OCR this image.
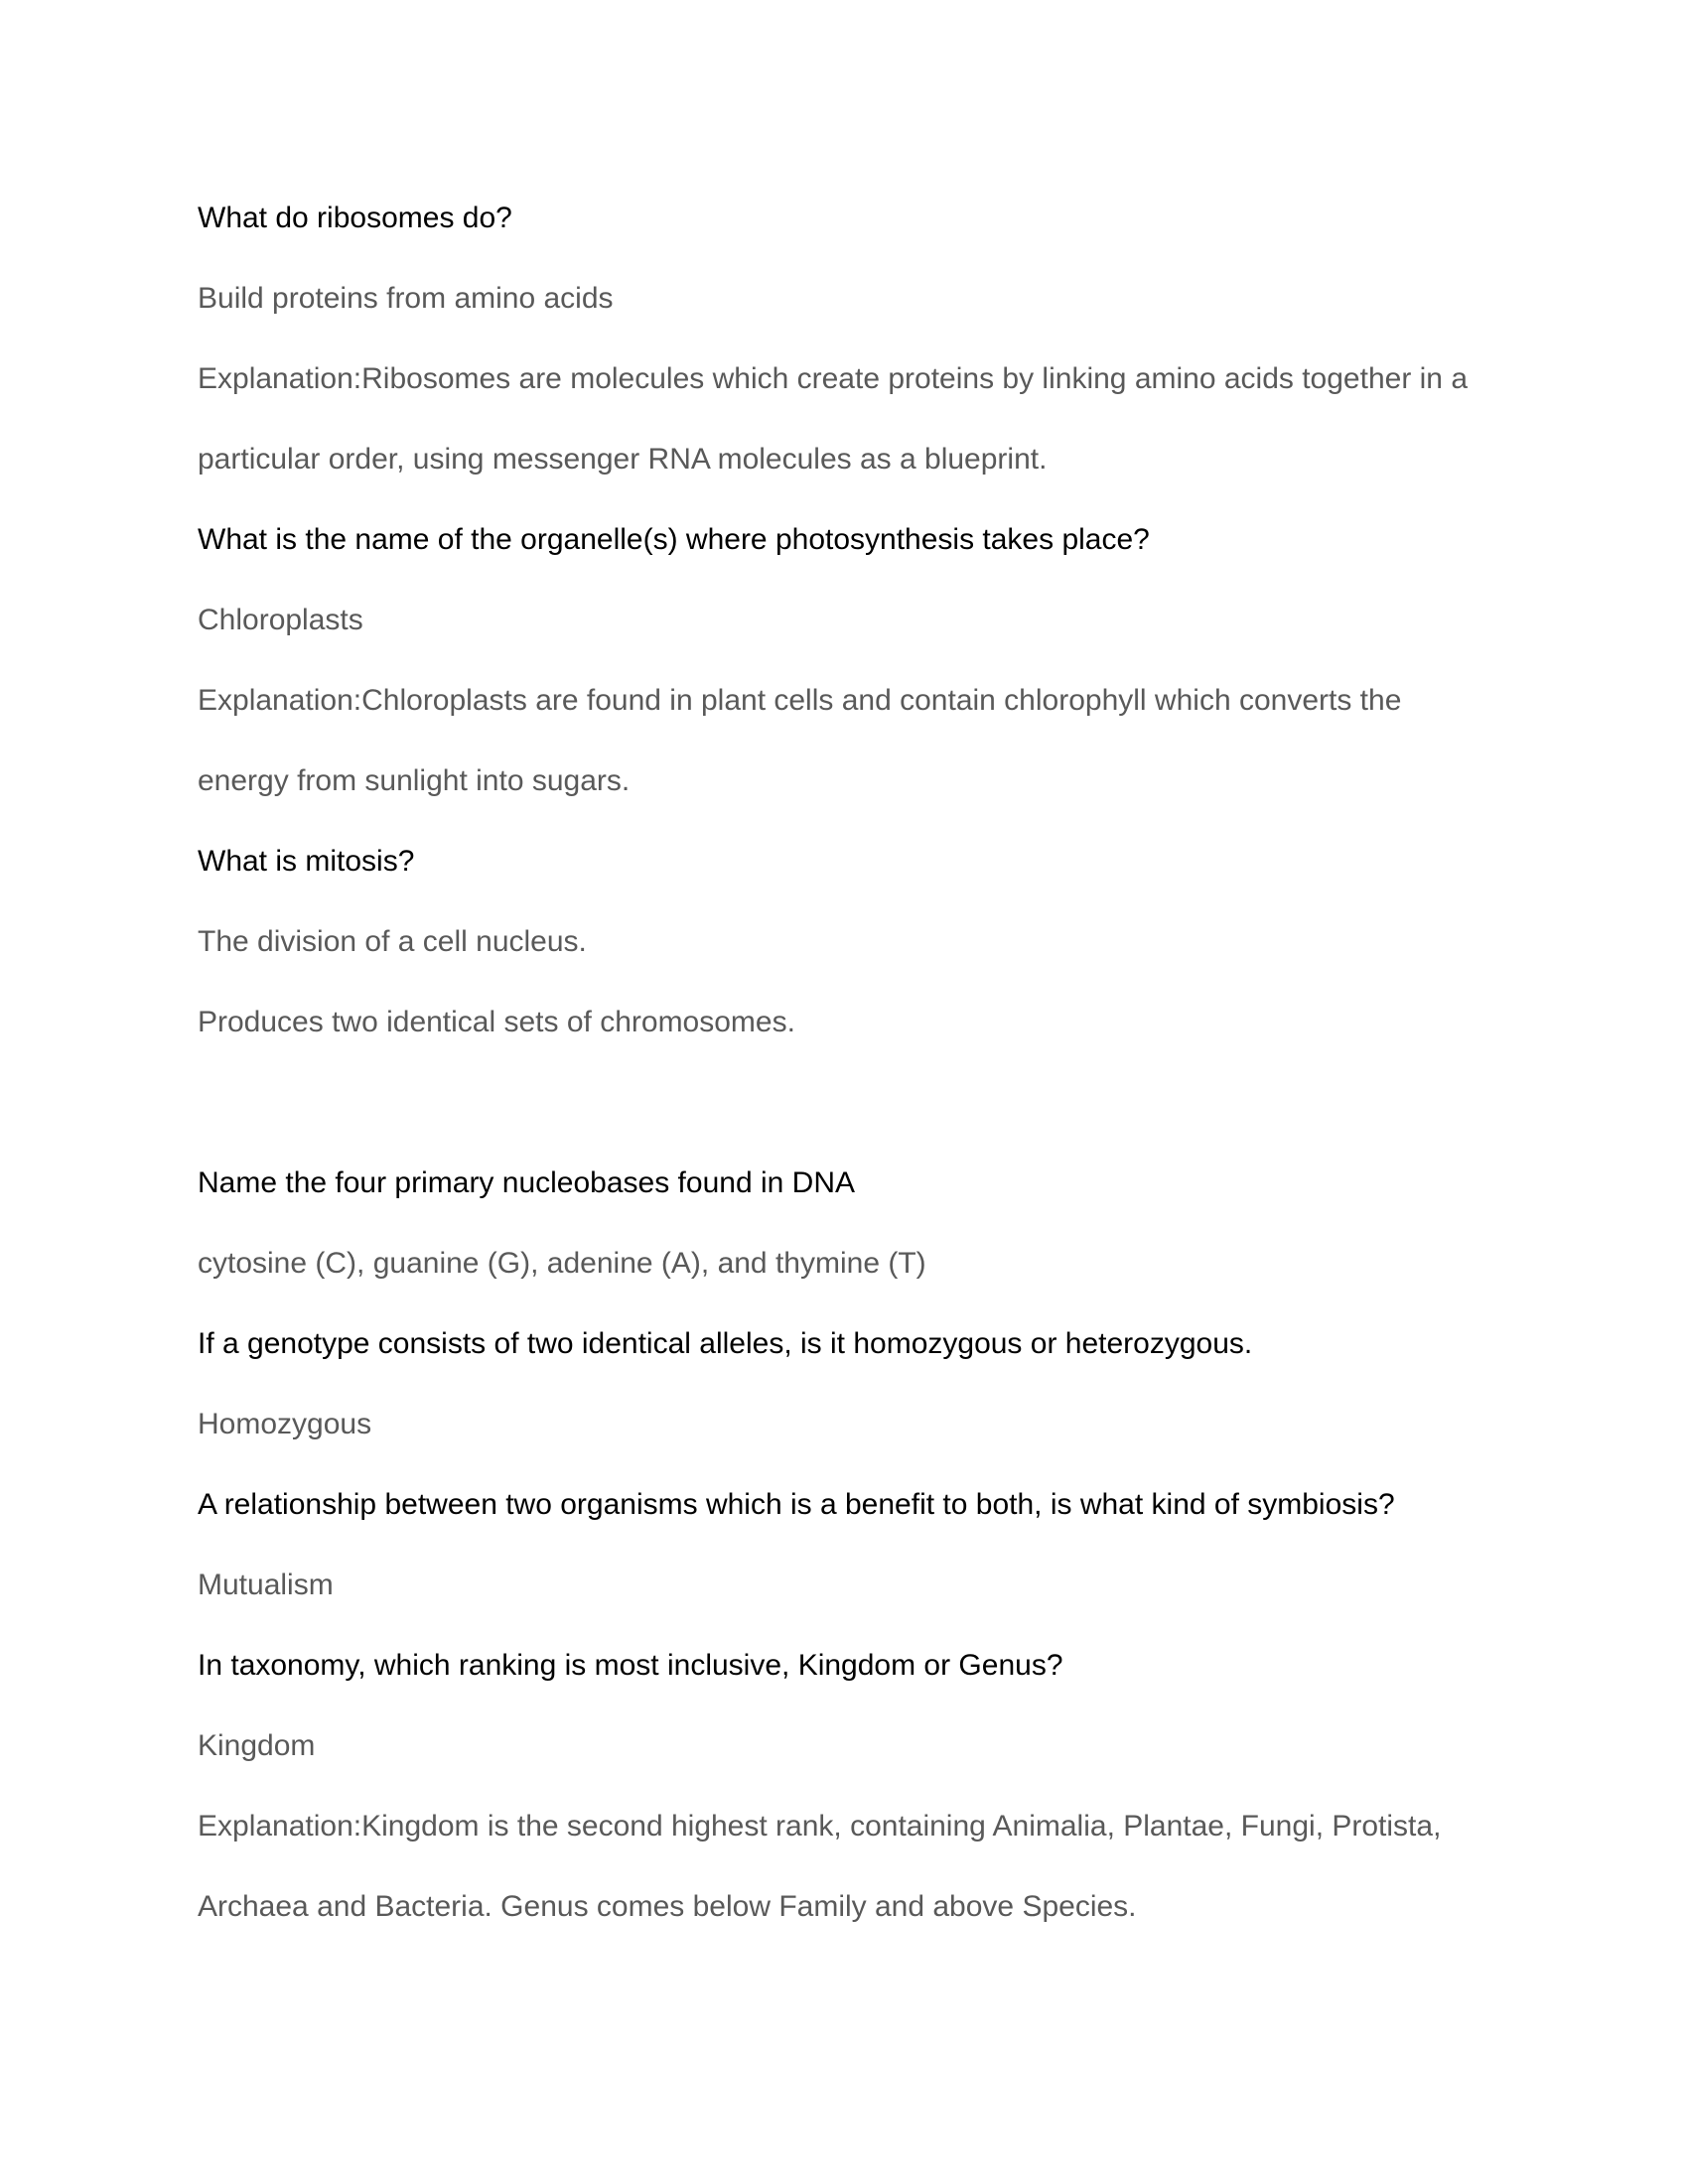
What do ribosomes do?

Build proteins from amino acids

Explanation:Ribosomes are molecules which create proteins by linking amino acids together in a

particular order, using messenger RNA molecules as a blueprint.

What is the name of the organelle(s) where photosynthesis takes place?

Chloroplasts

Explanation:Chloroplasts are found in plant cells and contain chlorophyll which converts the

energy from sunlight into sugars.

What is mitosis?

The division of a cell nucleus.

Produces two identical sets of chromosomes.

Name the four primary nucleobases found in DNA

cytosine (C), guanine (G), adenine (A), and thymine (T)

If a genotype consists of two identical alleles, is it homozygous or heterozygous.

Homozygous

A relationship between two organisms which is a benefit to both, is what kind of symbiosis?

Mutualism

In taxonomy, which ranking is most inclusive, Kingdom or Genus?

Kingdom

Explanation:Kingdom is the second highest rank, containing Animalia, Plantae, Fungi, Protista,

Archaea and Bacteria. Genus comes below Family and above Species.
